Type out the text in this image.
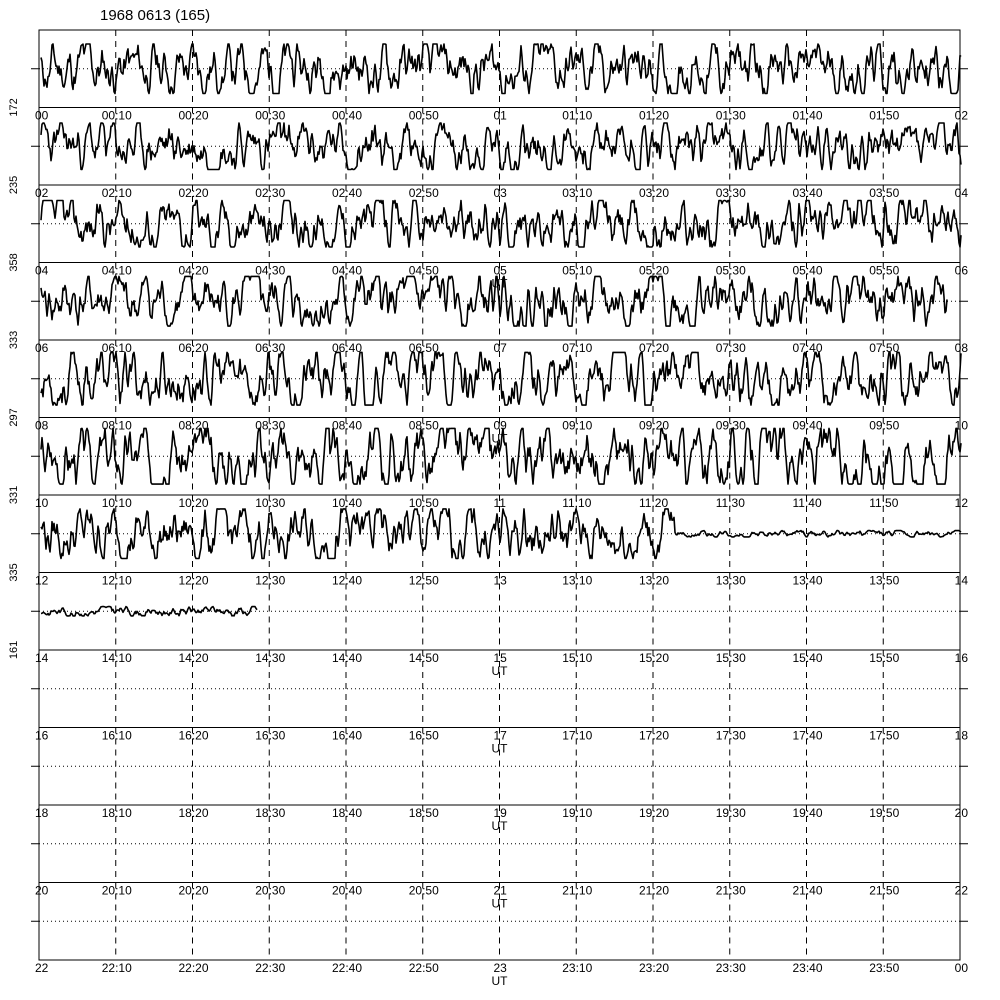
1968 0613 (165)
00	00:10	00:20	00:30	00:40	00:50	01	01:10	01:20	01:30	01:40	01:50	02
172
02	02:10	02:20	02:30	02:40	02:50	03	03:10	03:20	03:30	03:40	03:50	04
235
04	04:10	04:20	04:30	04:40	04:50	05	05:10	05:20	05:30	05:40	05:50	06
UT
358
06	06:10	06:20	06:30	06:40	06:50	07	07:10	07:20	07:30	07:40	07:50	08
333
08	08:10	08:20	08:30	08:40	08:50	09	09:10	09:20	09:30	09:40	09:50	10
UT
297
10	10:10	10:20	10:30	10:40	10:50	11	11:10	11:20	11:30	11:40	11:50	12
331
12	12:10	12:20	12:30	12:40	12:50	13	13:10	13:20	13:30	13:40	13:50	14
335
14	14:10	14:20	14:30	14:40	14:50	15	15:10	15:20	15:30	15:40	15:50	16
UT
161
16	16:10	16:20	16:30	16:40	16:50	17	17:10	17:20	17:30	17:40	17:50	18
UT
18	18:10	18:20	18:30	18:40	18:50	19	19:10	19:20	19:30	19:40	19:50	20
UT
20	20:10	20:20	20:30	20:40	20:50	21	21:10	21:20	21:30	21:40	21:50	22
UT
22	22:10	22:20	22:30	22:40	22:50	23	23:10	23:20	23:30	23:40	23:50	00
UT
